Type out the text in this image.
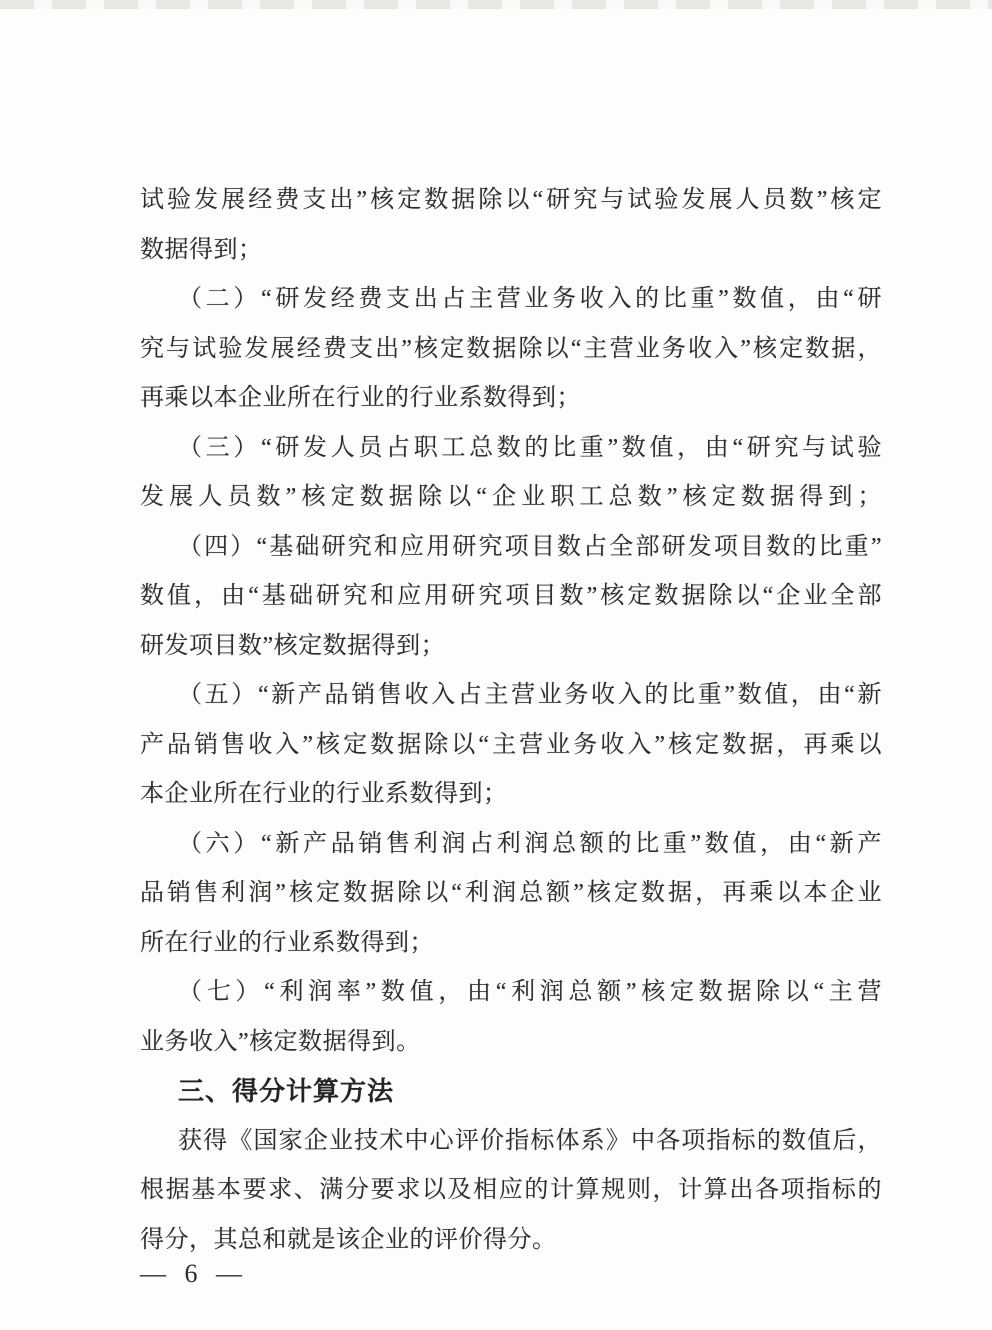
试验发展经费支出”核定数据除以“研究与试验发展人员数”核定
数据得到；
（二）“研发经费支出占主营业务收入的比重”数值，由“研
究与试验发展经费支出”核定数据除以“主营业务收入”核定数据，
再乘以本企业所在行业的行业系数得到；
（三）“研发人员占职工总数的比重”数值，由“研究与试验
发展人员数”核定数据除以“企业职工总数”核定数据得到；
（四）“基础研究和应用研究项目数占全部研发项目数的比重”
数值，由“基础研究和应用研究项目数”核定数据除以“企业全部
研发项目数”核定数据得到；
（五）“新产品销售收入占主营业务收入的比重”数值，由“新
产品销售收入”核定数据除以“主营业务收入”核定数据，再乘以
本企业所在行业的行业系数得到；
（六）“新产品销售利润占利润总额的比重”数值，由“新产
品销售利润”核定数据除以“利润总额”核定数据，再乘以本企业
所在行业的行业系数得到；
（七）“利润率”数值，由“利润总额”核定数据除以“主营
业务收入”核定数据得到。
三、得分计算方法
获得《国家企业技术中心评价指标体系》中各项指标的数值后，
根据基本要求、满分要求以及相应的计算规则，计算出各项指标的
得分，其总和就是该企业的评价得分。
— 6 —
